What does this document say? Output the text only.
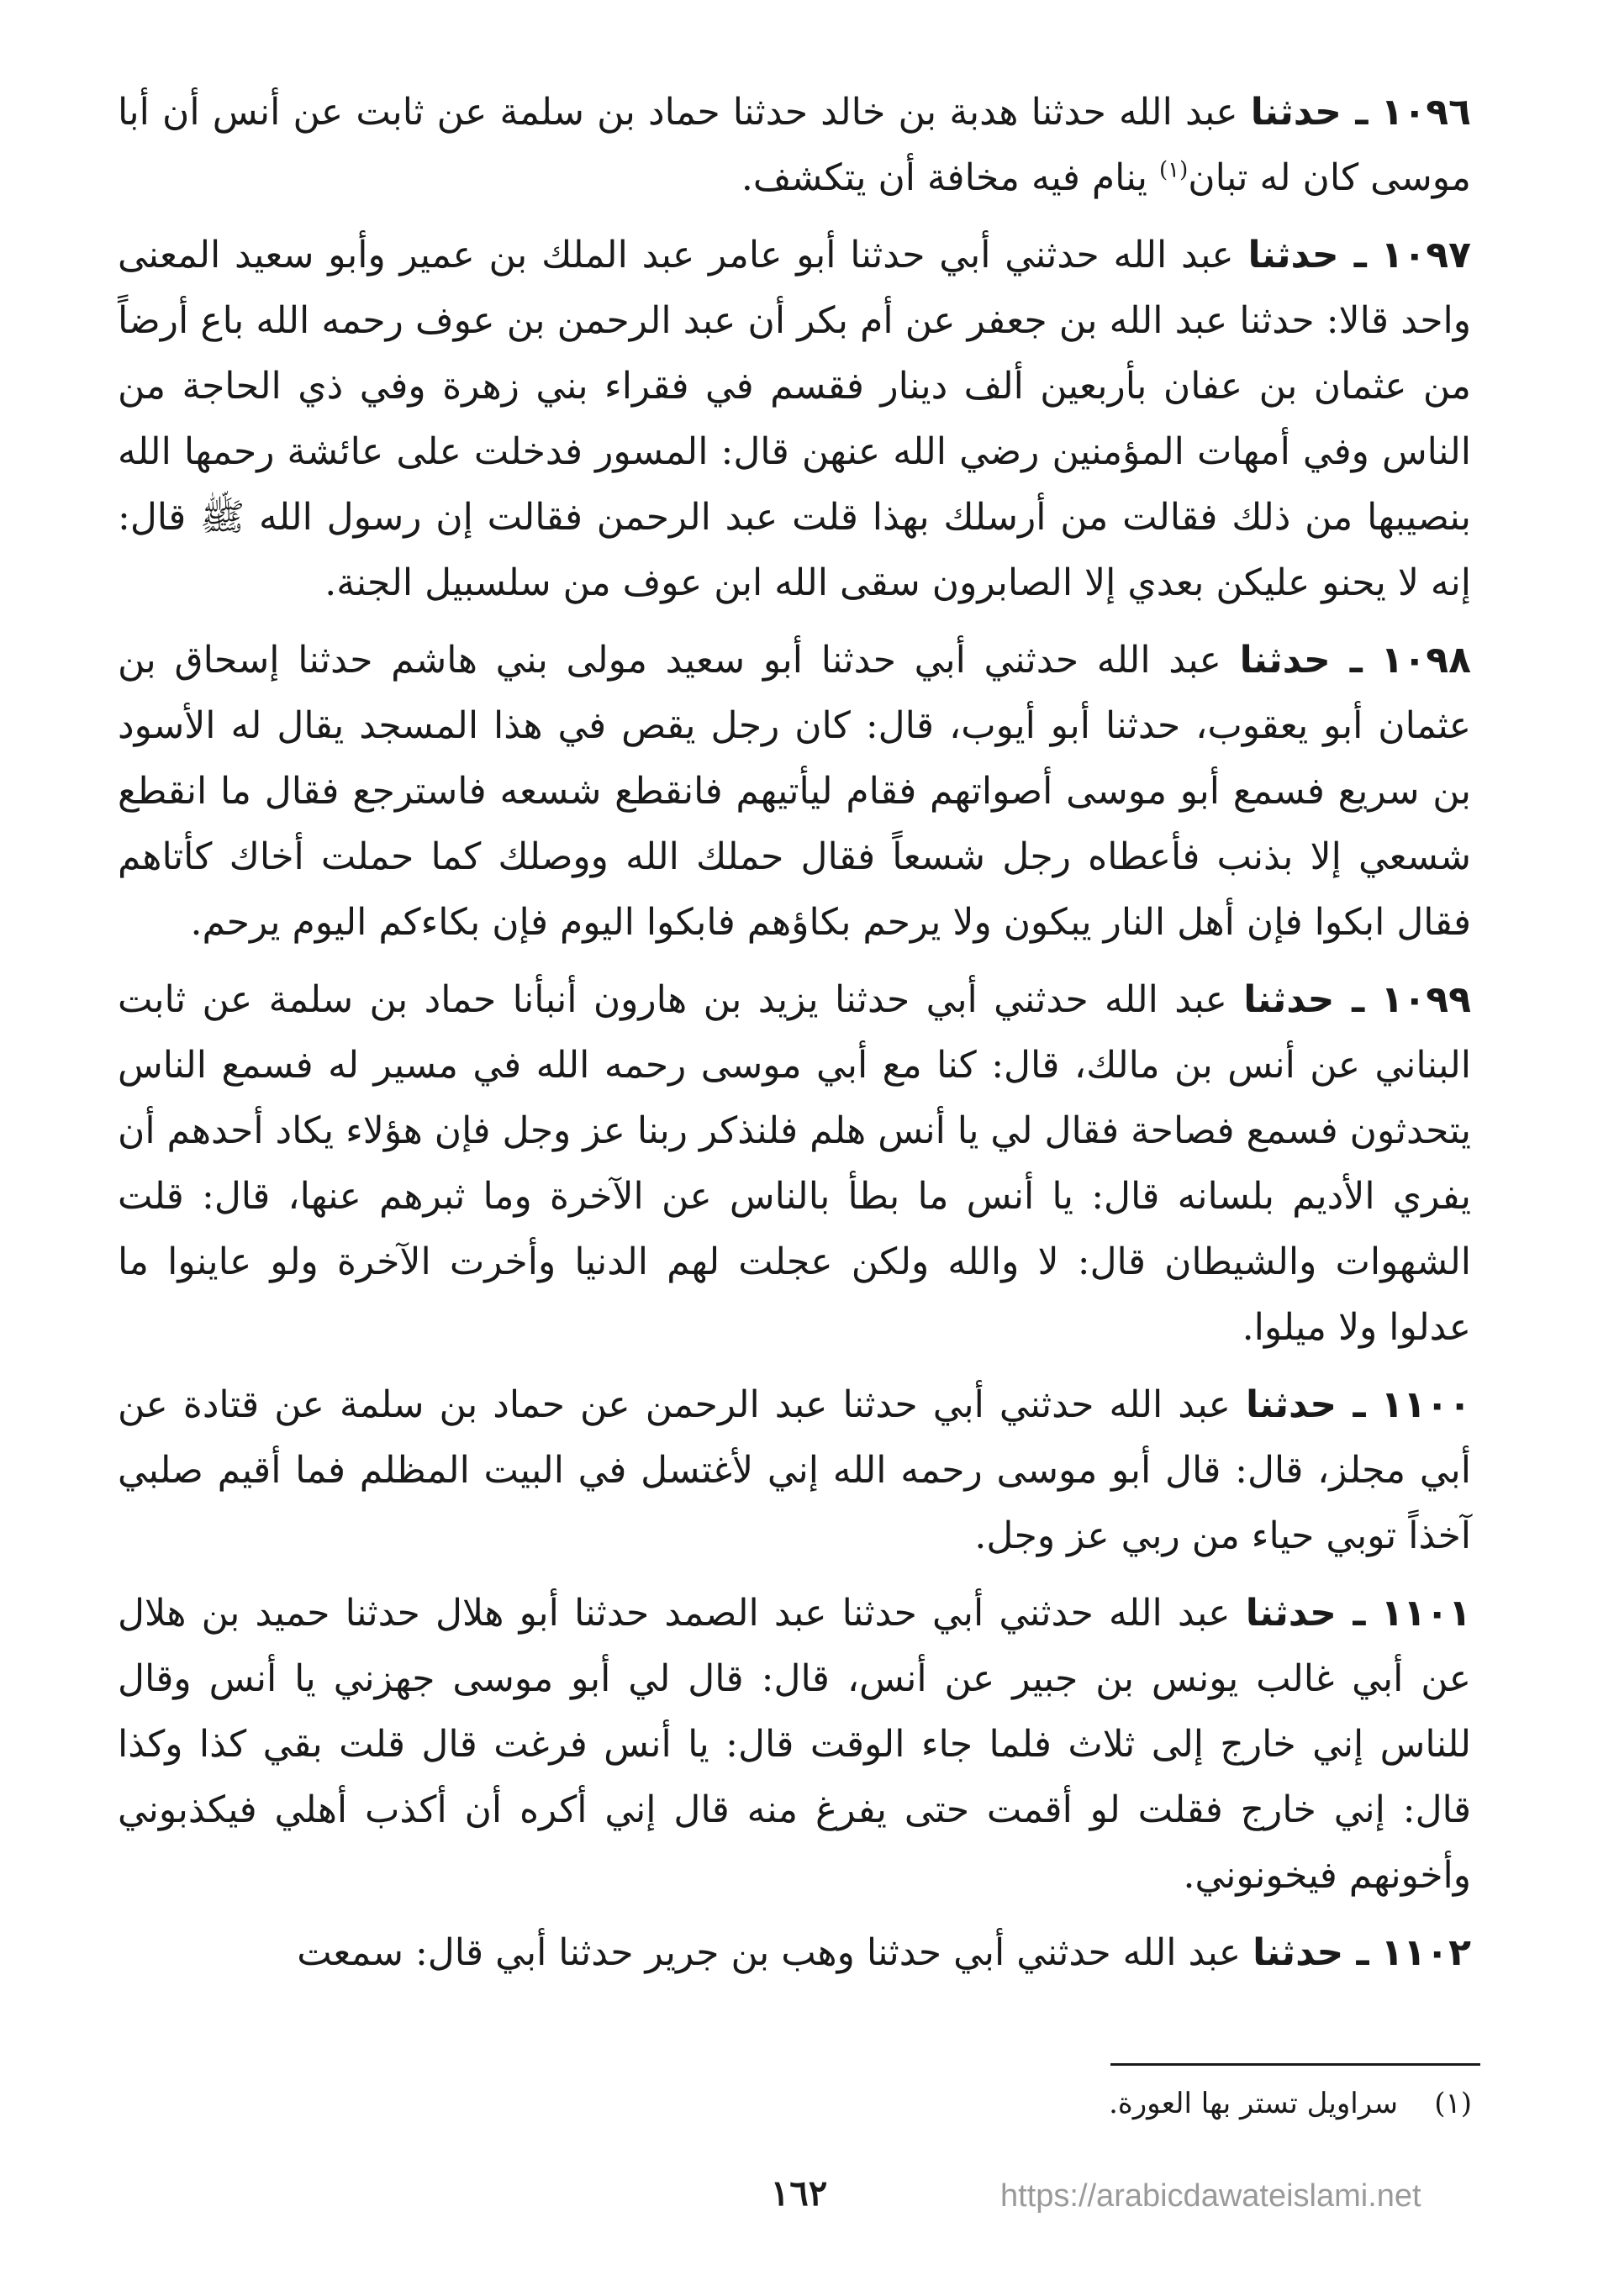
١٠٩٦ ـ حدثنا عبد الله حدثنا هدبة بن خالد حدثنا حماد بن سلمة عن ثابت عن أنس أن أبا موسى كان له تبان$^{(١)}$ ينام فيه مخافة أن يتكشف.

١٠٩٧ ـ حدثنا عبد الله حدثني أبي حدثنا أبو عامر عبد الملك بن عمير وأبو سعيد المعنى واحد قالا: حدثنا عبد الله بن جعفر عن أم بكر أن عبد الرحمن بن عوف رحمه الله باع أرضاً من عثمان بن عفان بأربعين ألف دينار فقسم في فقراء بني زهرة وفي ذي الحاجة من الناس وفي أمهات المؤمنين رضي الله عنهن قال: المسور فدخلت على عائشة رحمها الله بنصيبها من ذلك فقالت من أرسلك بهذا قلت عبد الرحمن فقالت إن رسول الله ﷺ قال: إنه لا يحنو عليكن بعدي إلا الصابرون سقى الله ابن عوف من سلسبيل الجنة.

١٠٩٨ ـ حدثنا عبد الله حدثني أبي حدثنا أبو سعيد مولى بني هاشم حدثنا إسحاق بن عثمان أبو يعقوب، حدثنا أبو أيوب، قال: كان رجل يقص في هذا المسجد يقال له الأسود بن سريع فسمع أبو موسى أصواتهم فقام ليأتيهم فانقطع شسعه فاسترجع فقال ما انقطع شسعي إلا بذنب فأعطاه رجل شسعاً فقال حملك الله ووصلك كما حملت أخاك كأتاهم فقال ابكوا فإن أهل النار يبكون ولا يرحم بكاؤهم فابكوا اليوم فإن بكاءكم اليوم يرحم.

١٠٩٩ ـ حدثنا عبد الله حدثني أبي حدثنا يزيد بن هارون أنبأنا حماد بن سلمة عن ثابت البناني عن أنس بن مالك، قال: كنا مع أبي موسى رحمه الله في مسير له فسمع الناس يتحدثون فسمع فصاحة فقال لي يا أنس هلم فلنذكر ربنا عز وجل فإن هؤلاء يكاد أحدهم أن يفري الأديم بلسانه قال: يا أنس ما بطأ بالناس عن الآخرة وما ثبرهم عنها، قال: قلت الشهوات والشيطان قال: لا والله ولكن عجلت لهم الدنيا وأخرت الآخرة ولو عاينوا ما عدلوا ولا ميلوا.

١١٠٠ ـ حدثنا عبد الله حدثني أبي حدثنا عبد الرحمن عن حماد بن سلمة عن قتادة عن أبي مجلز، قال: قال أبو موسى رحمه الله إني لأغتسل في البيت المظلم فما أقيم صلبي آخذاً توبي حياء من ربي عز وجل.

١١٠١ ـ حدثنا عبد الله حدثني أبي حدثنا عبد الصمد حدثنا أبو هلال حدثنا حميد بن هلال عن أبي غالب يونس بن جبير عن أنس، قال: قال لي أبو موسى جهزني يا أنس وقال للناس إني خارج إلى ثلاث فلما جاء الوقت قال: يا أنس فرغت قال قلت بقي كذا وكذا قال: إني خارج فقلت لو أقمت حتى يفرغ منه قال إني أكره أن أكذب أهلي فيكذبوني وأخونهم فيخونوني.

١١٠٢ ـ حدثنا عبد الله حدثني أبي حدثنا وهب بن جرير حدثنا أبي قال: سمعت

(١)    سراويل تستر بها العورة.
١٦٢	https://arabicdawateislami.net
